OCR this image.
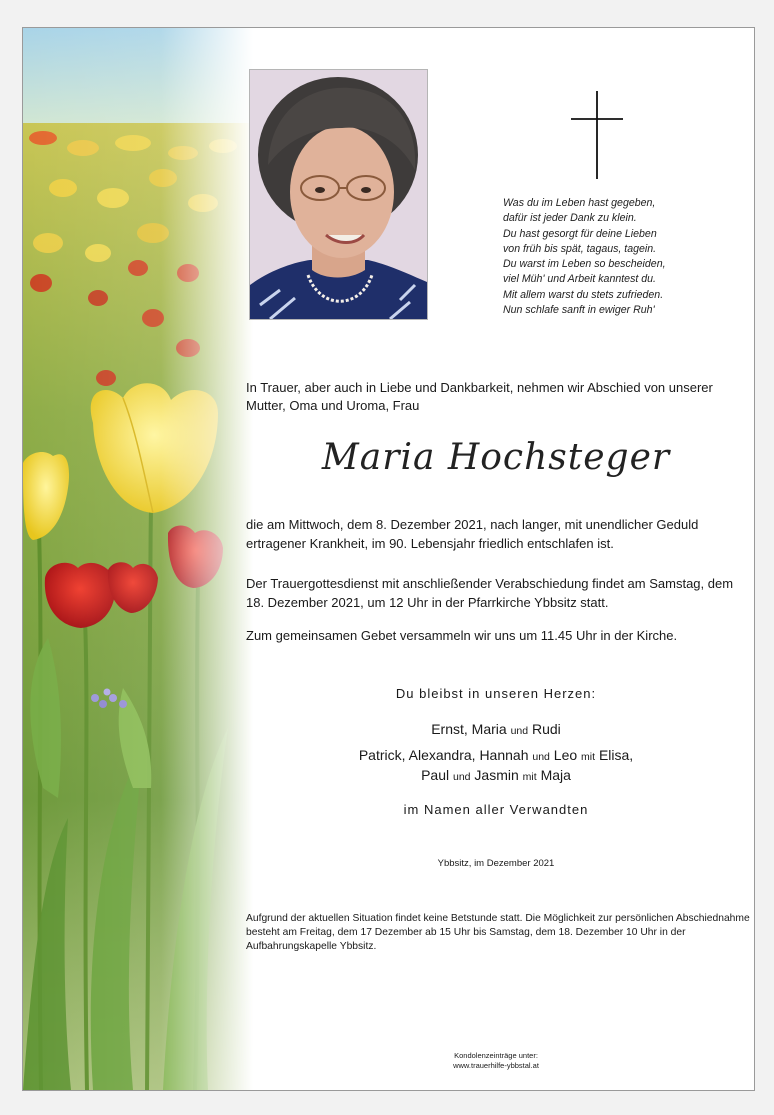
Was du im Leben hast gegeben,
dafür ist jeder Dank zu klein.
Du hast gesorgt für deine Lieben
von früh bis spät, tagaus, tagein.
Du warst im Leben so bescheiden,
viel Müh' und Arbeit kanntest du.
Mit allem warst du stets zufrieden.
Nun schlafe sanft in ewiger Ruh'
In Trauer, aber auch in Liebe und Dankbarkeit, nehmen wir Abschied von unserer Mutter, Oma und Uroma, Frau
Maria Hochsteger
die am Mittwoch, dem 8. Dezember 2021, nach langer, mit unendlicher Geduld ertragener Krankheit, im 90. Lebensjahr friedlich entschlafen ist.
Der Trauergottesdienst mit anschließender Verabschiedung findet am Samstag, dem 18. Dezember 2021, um 12 Uhr in der Pfarrkirche Ybbsitz statt.
Zum gemeinsamen Gebet versammeln wir uns um 11.45 Uhr in der Kirche.
Du bleibst in unseren Herzen:
Ernst, Maria und Rudi
Patrick, Alexandra, Hannah und Leo mit Elisa,
Paul und Jasmin mit Maja
im Namen aller Verwandten
Ybbsitz, im Dezember 2021
Aufgrund der aktuellen Situation findet keine Betstunde statt. Die Möglichkeit zur persönlichen Abschiednahme besteht am Freitag, dem 17 Dezember ab 15 Uhr bis Samstag, dem 18. Dezember 10 Uhr in der Aufbahrungskapelle Ybbsitz.
Kondolenzeinträge unter:
www.trauerhilfe-ybbstal.at
